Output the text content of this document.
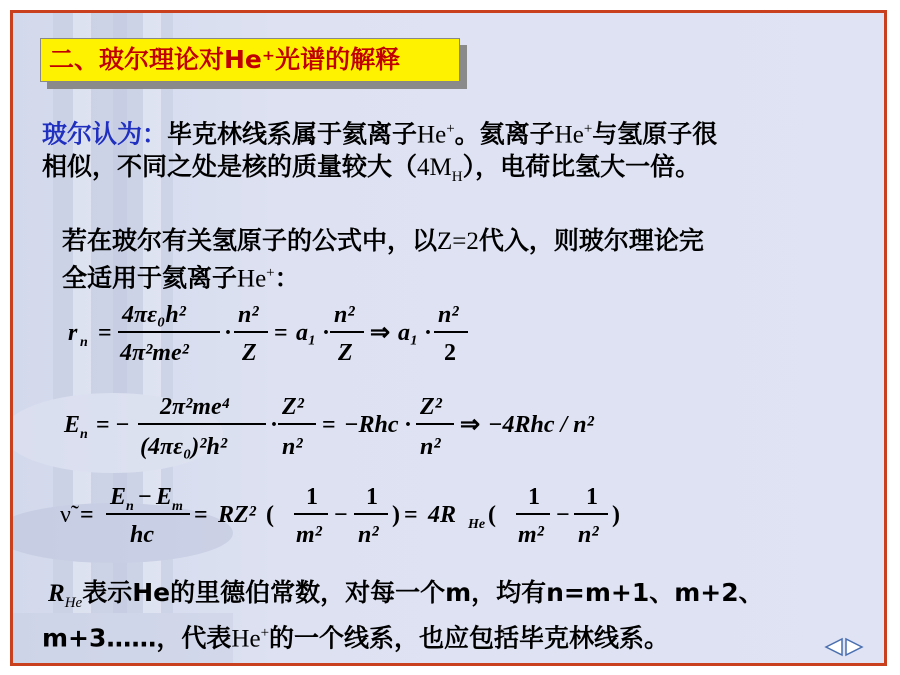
二、玻尔理论对He⁺光谱的解释
玻尔认为：毕克林线系属于氦离子He+。氦离子He+与氢原子很
相似，不同之处是核的质量较大$(4M_H)$，电荷比氢大一倍。
若在玻尔有关氢原子的公式中，以Z=2代入，则玻尔理论完
全适用于氦离子He+：
r n =
4πε₀h²
4π²me²
·
n²
Z
= a₁ ·
n²
Z
⇒ a₁ ·
n²
2
E n = −
2π²me⁴
(4πε₀)²h²
·
Z²
n²
= −Rhc ·
Z²
n²
⇒ −4Rhc / n²
ν̃ =
E n − E m
hc
= RZ² (
1
m²
−
1
n²
) = 4R He (
1
m²
−
1
n²
)
$R_{He}$表示He的里德伯常数，对每一个m，均有n=m+1、m+2、
m+3……，代表He+的一个线系，也应包括毕克林线系。
